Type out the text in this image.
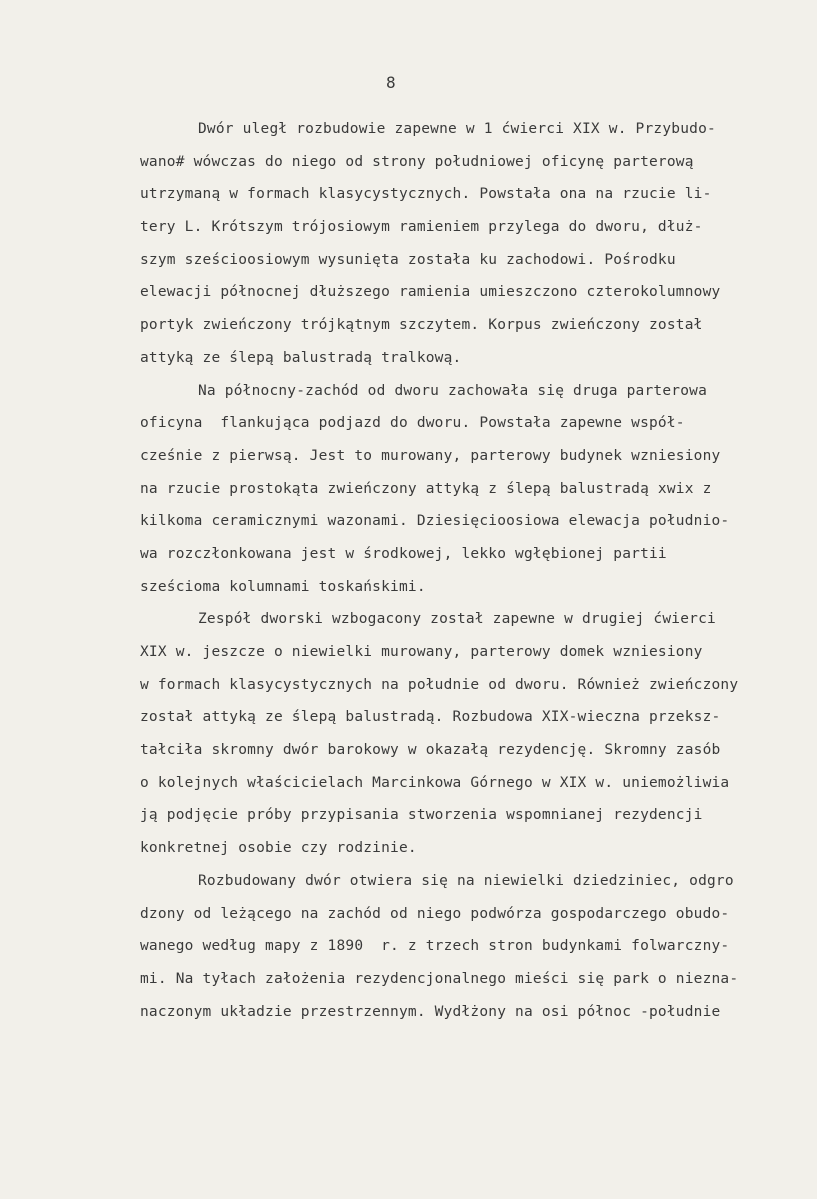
8
Dwór uległ rozbudowie zapewne w 1 ćwierci XIX w. Przybudo-
wano# wówczas do niego od strony południowej oficynę parterową
utrzymaną w formach klasycystycznych. Powstała ona na rzucie li-
tery L. Krótszym trójosiowym ramieniem przylega do dworu, dłuż-
szym sześcioosiowym wysunięta została ku zachodowi. Pośrodku
elewacji północnej dłuższego ramienia umieszczono czterokolumnowy
portyk zwieńczony trójkątnym szczytem. Korpus zwieńczony został
attyką ze ślepą balustradą tralkową.
Na północny-zachód od dworu zachowała się druga parterowa
oficyna  flankująca podjazd do dworu. Powstała zapewne współ-
cześnie z pierwsą. Jest to murowany, parterowy budynek wzniesiony
na rzucie prostokąta zwieńczony attyką z ślepą balustradą xwix z
kilkoma ceramicznymi wazonami. Dziesięcioosiowa elewacja południo-
wa rozczłonkowana jest w środkowej, lekko wgłębionej partii
sześcioma kolumnami toskańskimi.
Zespół dworski wzbogacony został zapewne w drugiej ćwierci
XIX w. jeszcze o niewielki murowany, parterowy domek wzniesiony
w formach klasycystycznych na południe od dworu. Również zwieńczony
został attyką ze ślepą balustradą. Rozbudowa XIX-wieczna przeksz-
tałciła skromny dwór barokowy w okazałą rezydencję. Skromny zasób
o kolejnych właścicielach Marcinkowa Górnego w XIX w. uniemożliwia
ją podjęcie próby przypisania stworzenia wspomnianej rezydencji
konkretnej osobie czy rodzinie.
Rozbudowany dwór otwiera się na niewielki dziedziniec, odgro
dzony od leżącego na zachód od niego podwórza gospodarczego obudo-
wanego według mapy z 1890  r. z trzech stron budynkami folwarczny-
mi. Na tyłach założenia rezydencjonalnego mieści się park o niezna-
naczonym układzie przestrzennym. Wydłżony na osi północ -południe
